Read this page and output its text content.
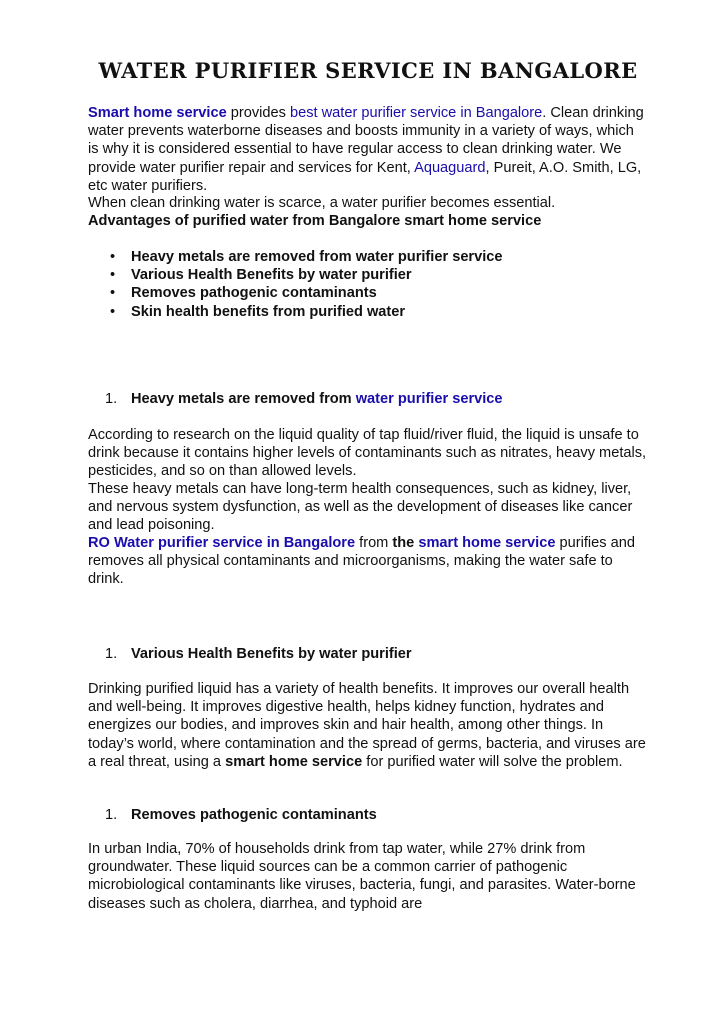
WATER PURIFIER SERVICE IN BANGALORE

Smart home service provides best water purifier service in Bangalore. Clean drinking water prevents waterborne diseases and boosts immunity in a variety of ways, which is why it is considered essential to have regular access to clean drinking water. We provide water purifier repair and services for Kent, Aquaguard, Pureit, A.O. Smith, LG, etc water purifiers.

When clean drinking water is scarce, a water purifier becomes essential.

Advantages of purified water from Bangalore smart home service

• Heavy metals are removed from water purifier service
• Various Health Benefits by water purifier
• Removes pathogenic contaminants
• Skin health benefits from purified water
1. Heavy metals are removed from water purifier service

According to research on the liquid quality of tap fluid/river fluid, the liquid is unsafe to drink because it contains higher levels of contaminants such as nitrates, heavy metals, pesticides, and so on than allowed levels.

These heavy metals can have long-term health consequences, such as kidney, liver, and nervous system dysfunction, as well as the development of diseases like cancer and lead poisoning.

RO Water purifier service in Bangalore from the smart home service purifies and removes all physical contaminants and microorganisms, making the water safe to drink.

1. Various Health Benefits by water purifier

Drinking purified liquid has a variety of health benefits. It improves our overall health and well-being. It improves digestive health, helps kidney function, hydrates and energizes our bodies, and improves skin and hair health, among other things. In today’s world, where contamination and the spread of germs, bacteria, and viruses are a real threat, using a smart home service for purified water will solve the problem.

1. Removes pathogenic contaminants

In urban India, 70% of households drink from tap water, while 27% drink from groundwater. These liquid sources can be a common carrier of pathogenic microbiological contaminants like viruses, bacteria, fungi, and parasites. Water-borne diseases such as cholera, diarrhea, and typhoid are
